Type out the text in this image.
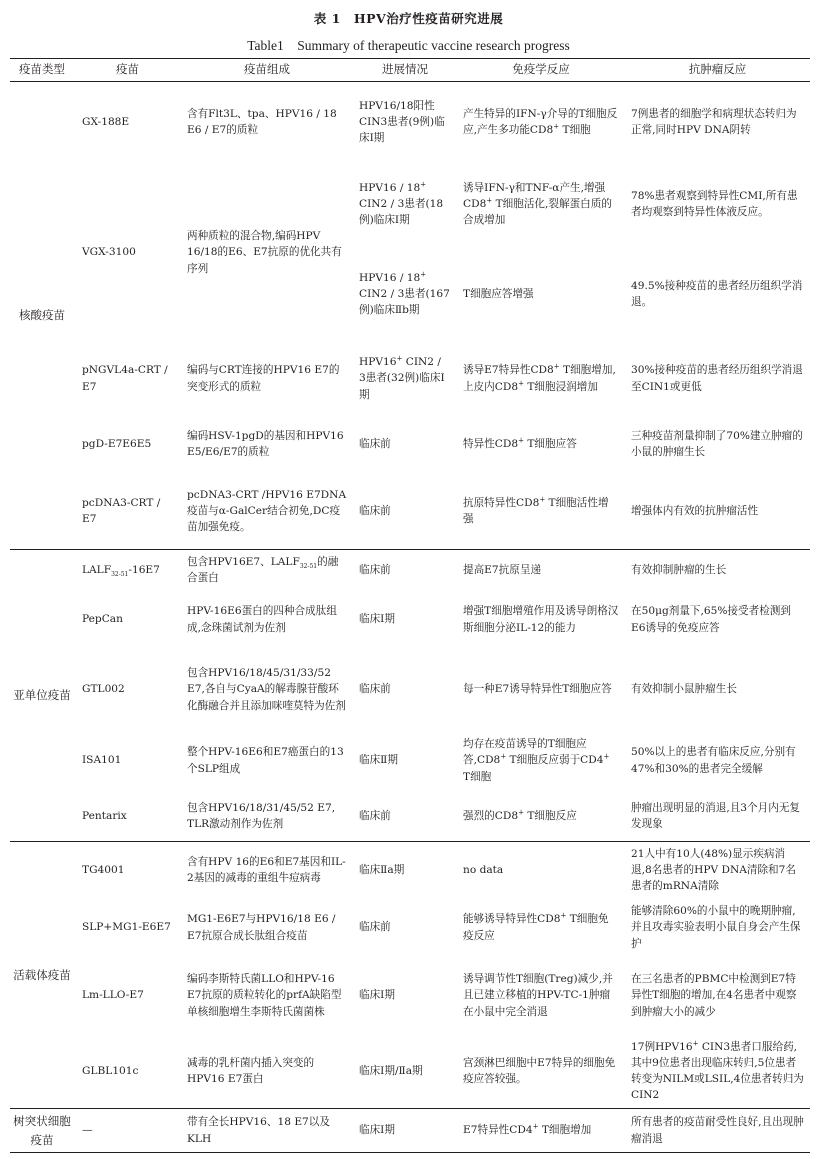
表 1　HPV治疗性疫苗研究进展
Table1　Summary of therapeutic vaccine research progress
疫苗类型	疫苗	疫苗组成	进展情况	免疫学反应	抗肿瘤反应
核酸疫苗	GX-188E	含有Flt3L、tpa、HPV16 / 18 E6 / E7的质粒	HPV16/18阳性CIN3患者(9例)临床Ⅰ期	产生特异的IFN-γ介导的T细胞反应,产生多功能CD8+ T细胞	7例患者的细胞学和病理状态转归为正常,同时HPV DNA阴转
	VGX-3100	两种质粒的混合物,编码HPV 16/18的E6、E7抗原的优化共有序列	HPV16 / 18+ CIN2 / 3患者(18例)临床Ⅰ期	诱导IFN-γ和TNF-α产生,增强CD8+ T细胞活化,裂解蛋白质的合成增加	78%患者观察到特异性CMI,所有患者均观察到特异性体液反应。
			HPV16 / 18+ CIN2 / 3患者(167例)临床Ⅱb期	T细胞应答增强	49.5%接种疫苗的患者经历组织学消退。
	pNGVL4a-CRT / E7	编码与CRT连接的HPV16 E7的突变形式的质粒	HPV16+ CIN2 / 3患者(32例)临床Ⅰ期	诱导E7特异性CD8+ T细胞增加,上皮内CD8+ T细胞浸润增加	30%接种疫苗的患者经历组织学消退至CIN1或更低
	pgD-E7E6E5	编码HSV-1pgD的基因和HPV16 E5/E6/E7的质粒	临床前	特异性CD8+ T细胞应答	三种疫苗剂量抑制了70%建立肿瘤的小鼠的肿瘤生长
	pcDNA3-CRT / E7	pcDNA3-CRT /HPV16 E7DNA疫苗与α-GalCer结合初免,DC疫苗加强免疫。	临床前	抗原特异性CD8+ T细胞活性增强	增强体内有效的抗肿瘤活性
亚单位疫苗	$LALF_{32-51}-16E7$	包含HPV16E7、$LALF_{32-51}$的融合蛋白	临床前	提高E7抗原呈递	有效抑制肿瘤的生长
	PepCan	HPV-16E6蛋白的四种合成肽组成,念珠菌试剂为佐剂	临床Ⅰ期	增强T细胞增殖作用及诱导朗格汉斯细胞分泌IL-12的能力	在50μg剂量下,65%接受者检测到E6诱导的免疫应答
	GTL002	包含HPV16/18/45/31/33/52 E7,各自与CyaA的解毒腺苷酸环化酶融合并且添加咪喹莫特为佐剂	临床前	每一种E7诱导特异性T细胞应答	有效抑制小鼠肿瘤生长
	ISA101	整个HPV-16E6和E7癌蛋白的13个SLP组成	临床Ⅱ期	均存在疫苗诱导的T细胞应答,CD8+ T细胞反应弱于CD4+ T细胞	50%以上的患者有临床反应,分别有47%和30%的患者完全缓解
	Pentarix	包含HPV16/18/31/45/52 E7, TLR激动剂作为佐剂	临床前	强烈的CD8+ T细胞反应	肿瘤出现明显的消退,且3个月内无复发现象
活载体疫苗	TG4001	含有HPV 16的E6和E7基因和IL-2基因的减毒的重组牛痘病毒	临床Ⅱa期	no data	21人中有10人(48%)显示疾病消退,8名患者的HPV DNA清除和7名患者的mRNA清除
	SLP+MG1-E6E7	MG1-E6E7与HPV16/18 E6 / E7抗原合成长肽组合疫苗	临床前	能够诱导特异性CD8+ T细胞免疫反应	能够清除60%的小鼠中的晚期肿瘤,并且攻毒实验表明小鼠自身会产生保护
	Lm-LLO-E7	编码李斯特氏菌LLO和HPV-16 E7抗原的质粒转化的prfA缺陷型单核细胞增生李斯特氏菌菌株	临床Ⅰ期	诱导调节性T细胞(Treg)减少,并且已建立移植的HPV-TC-1肿瘤在小鼠中完全消退	在三名患者的PBMC中检测到E7特异性T细胞的增加,在4名患者中观察到肿瘤大小的减少
	GLBL101c	减毒的乳杆菌内插入突变的HPV16 E7蛋白	临床Ⅰ期/Ⅱa期	宫颈淋巴细胞中E7特异的细胞免疫应答较强。	17例HPV16+ CIN3患者口服给药,其中9位患者出现临床转归,5位患者转变为NILM或LSIL,4位患者转归为CIN2
树突状细胞疫苗	—	带有全长HPV16、18 E7以及KLH	临床Ⅰ期	E7特异性CD4+ T细胞增加	所有患者的疫苗耐受性良好,且出现肿瘤消退
